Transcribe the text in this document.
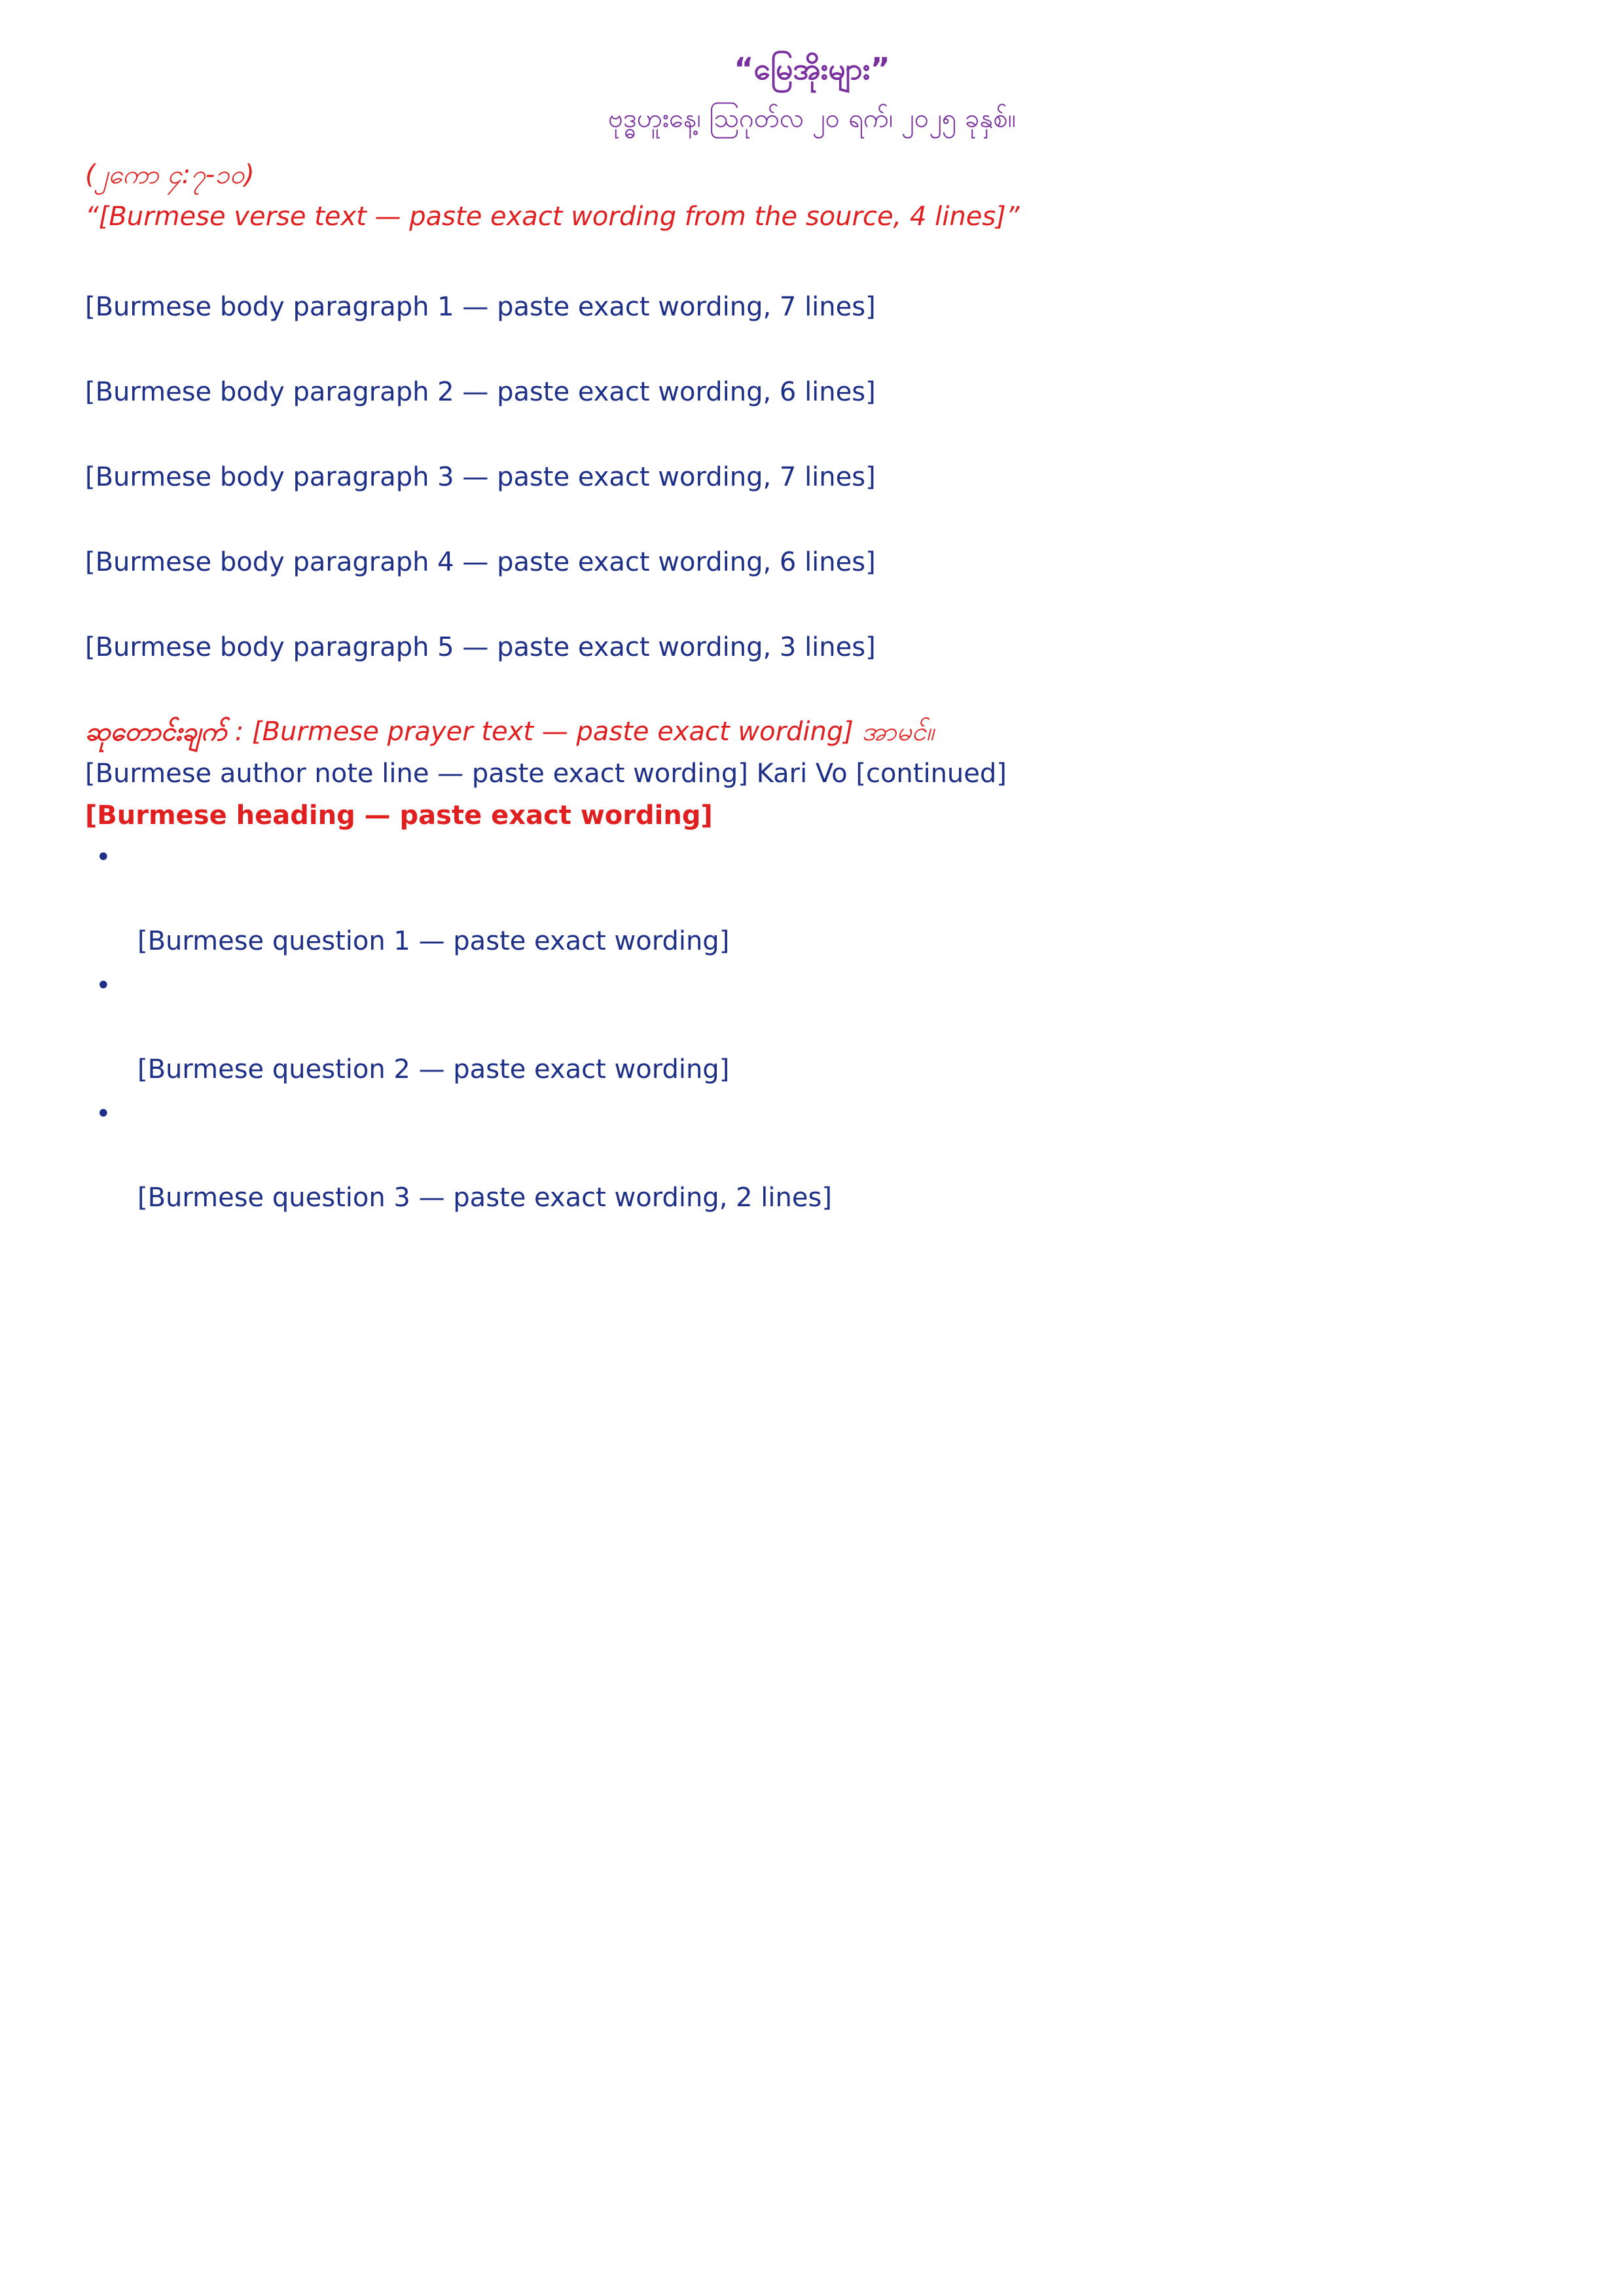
“မြေအိုးများ”
ဗုဒ္ဓဟူးနေ့၊ ဩဂုတ်လ ၂၀ ရက်၊ ၂၀၂၅ ခုနှစ်။

(၂ကော ၄:၇-၁၀)

“[Burmese verse text — paste exact wording from the source, 4 lines]”

[Burmese body paragraph 1 — paste exact wording, 7 lines]

[Burmese body paragraph 2 — paste exact wording, 6 lines]

[Burmese body paragraph 3 — paste exact wording, 7 lines]

[Burmese body paragraph 4 — paste exact wording, 6 lines]

[Burmese body paragraph 5 — paste exact wording, 3 lines]

ဆုတောင်းချက် : [Burmese prayer text — paste exact wording] အာမင်။

[Burmese author note line — paste exact wording] Kari Vo [continued]

[Burmese heading — paste exact wording]

•

[Burmese question 1 — paste exact wording]

•

[Burmese question 2 — paste exact wording]

•

[Burmese question 3 — paste exact wording, 2 lines]
